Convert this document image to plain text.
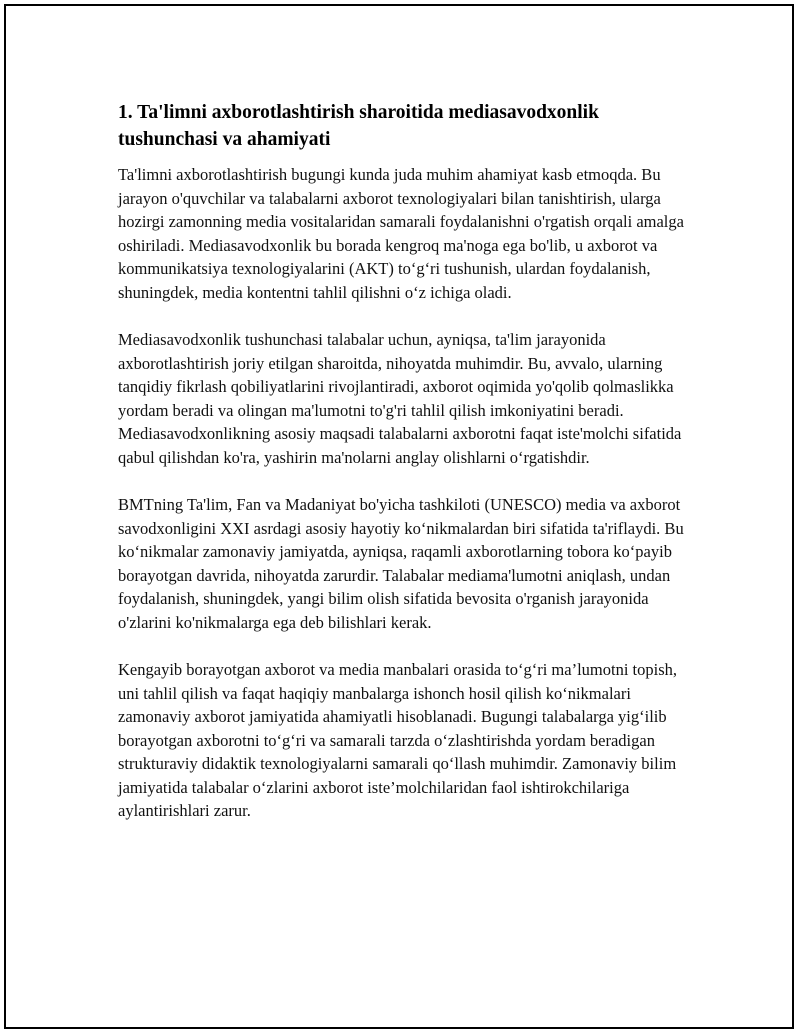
1. Ta'limni axborotlashtirish sharoitida mediasavodxonlik tushunchasi va ahamiyati

Ta'limni axborotlashtirish bugungi kunda juda muhim ahamiyat kasb etmoqda. Bu jarayon o'quvchilar va talabalarni axborot texnologiyalari bilan tanishtirish, ularga hozirgi zamonning media vositalaridan samarali foydalanishni o'rgatish orqali amalga oshiriladi. Mediasavodxonlik bu borada kengroq ma'noga ega bo'lib, u axborot va kommunikatsiya texnologiyalarini (AKT) to‘g‘ri tushunish, ulardan foydalanish, shuningdek, media kontentni tahlil qilishni o‘z ichiga oladi.

Mediasavodxonlik tushunchasi talabalar uchun, ayniqsa, ta'lim jarayonida axborotlashtirish joriy etilgan sharoitda, nihoyatda muhimdir. Bu, avvalo, ularning tanqidiy fikrlash qobiliyatlarini rivojlantiradi, axborot oqimida yo'qolib qolmaslikka yordam beradi va olingan ma'lumotni to'g'ri tahlil qilish imkoniyatini beradi. Mediasavodxonlikning asosiy maqsadi talabalarni axborotni faqat iste'molchi sifatida qabul qilishdan ko'ra, yashirin ma'nolarni anglay olishlarni o‘rgatishdir.

BMTning Ta'lim, Fan va Madaniyat bo'yicha tashkiloti (UNESCO) media va axborot savodxonligini XXI asrdagi asosiy hayotiy ko‘nikmalardan biri sifatida ta'riflaydi. Bu ko‘nikmalar zamonaviy jamiyatda, ayniqsa, raqamli axborotlarning tobora ko‘payib borayotgan davrida, nihoyatda zarurdir. Talabalar mediama'lumotni aniqlash, undan foydalanish, shuningdek, yangi bilim olish sifatida bevosita o'rganish jarayonida o'zlarini ko'nikmalarga ega deb bilishlari kerak.

Kengayib borayotgan axborot va media manbalari orasida to‘g‘ri ma’lumotni topish, uni tahlil qilish va faqat haqiqiy manbalarga ishonch hosil qilish ko‘nikmalari zamonaviy axborot jamiyatida ahamiyatli hisoblanadi. Bugungi talabalarga yig‘ilib borayotgan axborotni to‘g‘ri va samarali tarzda o‘zlashtirishda yordam beradigan strukturaviy didaktik texnologiyalarni samarali qo‘llash muhimdir. Zamonaviy bilim jamiyatida talabalar o‘zlarini axborot iste’molchilaridan faol ishtirokchilariga aylantirishlari zarur.
